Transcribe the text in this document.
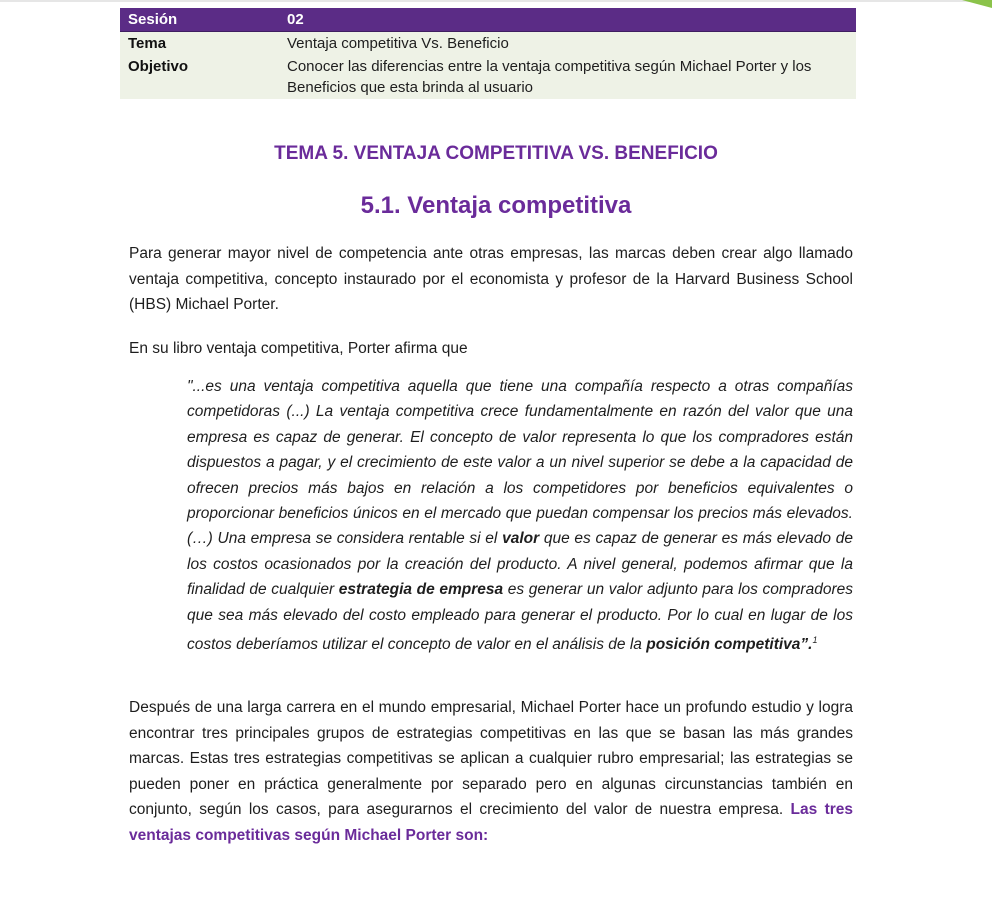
Sesión	02
Tema	Ventaja competitiva Vs. Beneficio
Objetivo	Conocer las diferencias entre la ventaja competitiva según Michael Porter y los Beneficios que esta brinda al usuario
TEMA 5. VENTAJA COMPETITIVA VS. BENEFICIO
5.1. Ventaja competitiva

Para generar mayor nivel de competencia ante otras empresas, las marcas deben crear algo llamado ventaja competitiva, concepto instaurado por el economista y profesor de la Harvard Business School (HBS) Michael Porter.

En su libro ventaja competitiva, Porter afirma que

"...es una ventaja competitiva aquella que tiene una compañía respecto a otras compañías competidoras (...) La ventaja competitiva crece fundamentalmente en razón del valor que una empresa es capaz de generar. El concepto de valor representa lo que los compradores están dispuestos a pagar, y el crecimiento de este valor a un nivel superior se debe a la capacidad de ofrecen precios más bajos en relación a los competidores por beneficios equivalentes o proporcionar beneficios únicos en el mercado que puedan compensar los precios más elevados. (…) Una empresa se considera rentable si el valor que es capaz de generar es más elevado de los costos ocasionados por la creación del producto. A nivel general, podemos afirmar que la finalidad de cualquier estrategia de empresa es generar un valor adjunto para los compradores que sea más elevado del costo empleado para generar el producto. Por lo cual en lugar de los costos deberíamos utilizar el concepto de valor en el análisis de la posición competitiva”.$^1$

Después de una larga carrera en el mundo empresarial, Michael Porter hace un profundo estudio y logra encontrar tres principales grupos de estrategias competitivas en las que se basan las más grandes marcas. Estas tres estrategias competitivas se aplican a cualquier rubro empresarial; las estrategias se pueden poner en práctica generalmente por separado pero en algunas circunstancias también en conjunto, según los casos, para asegurarnos el crecimiento del valor de nuestra empresa. Las tres ventajas competitivas según Michael Porter son:
